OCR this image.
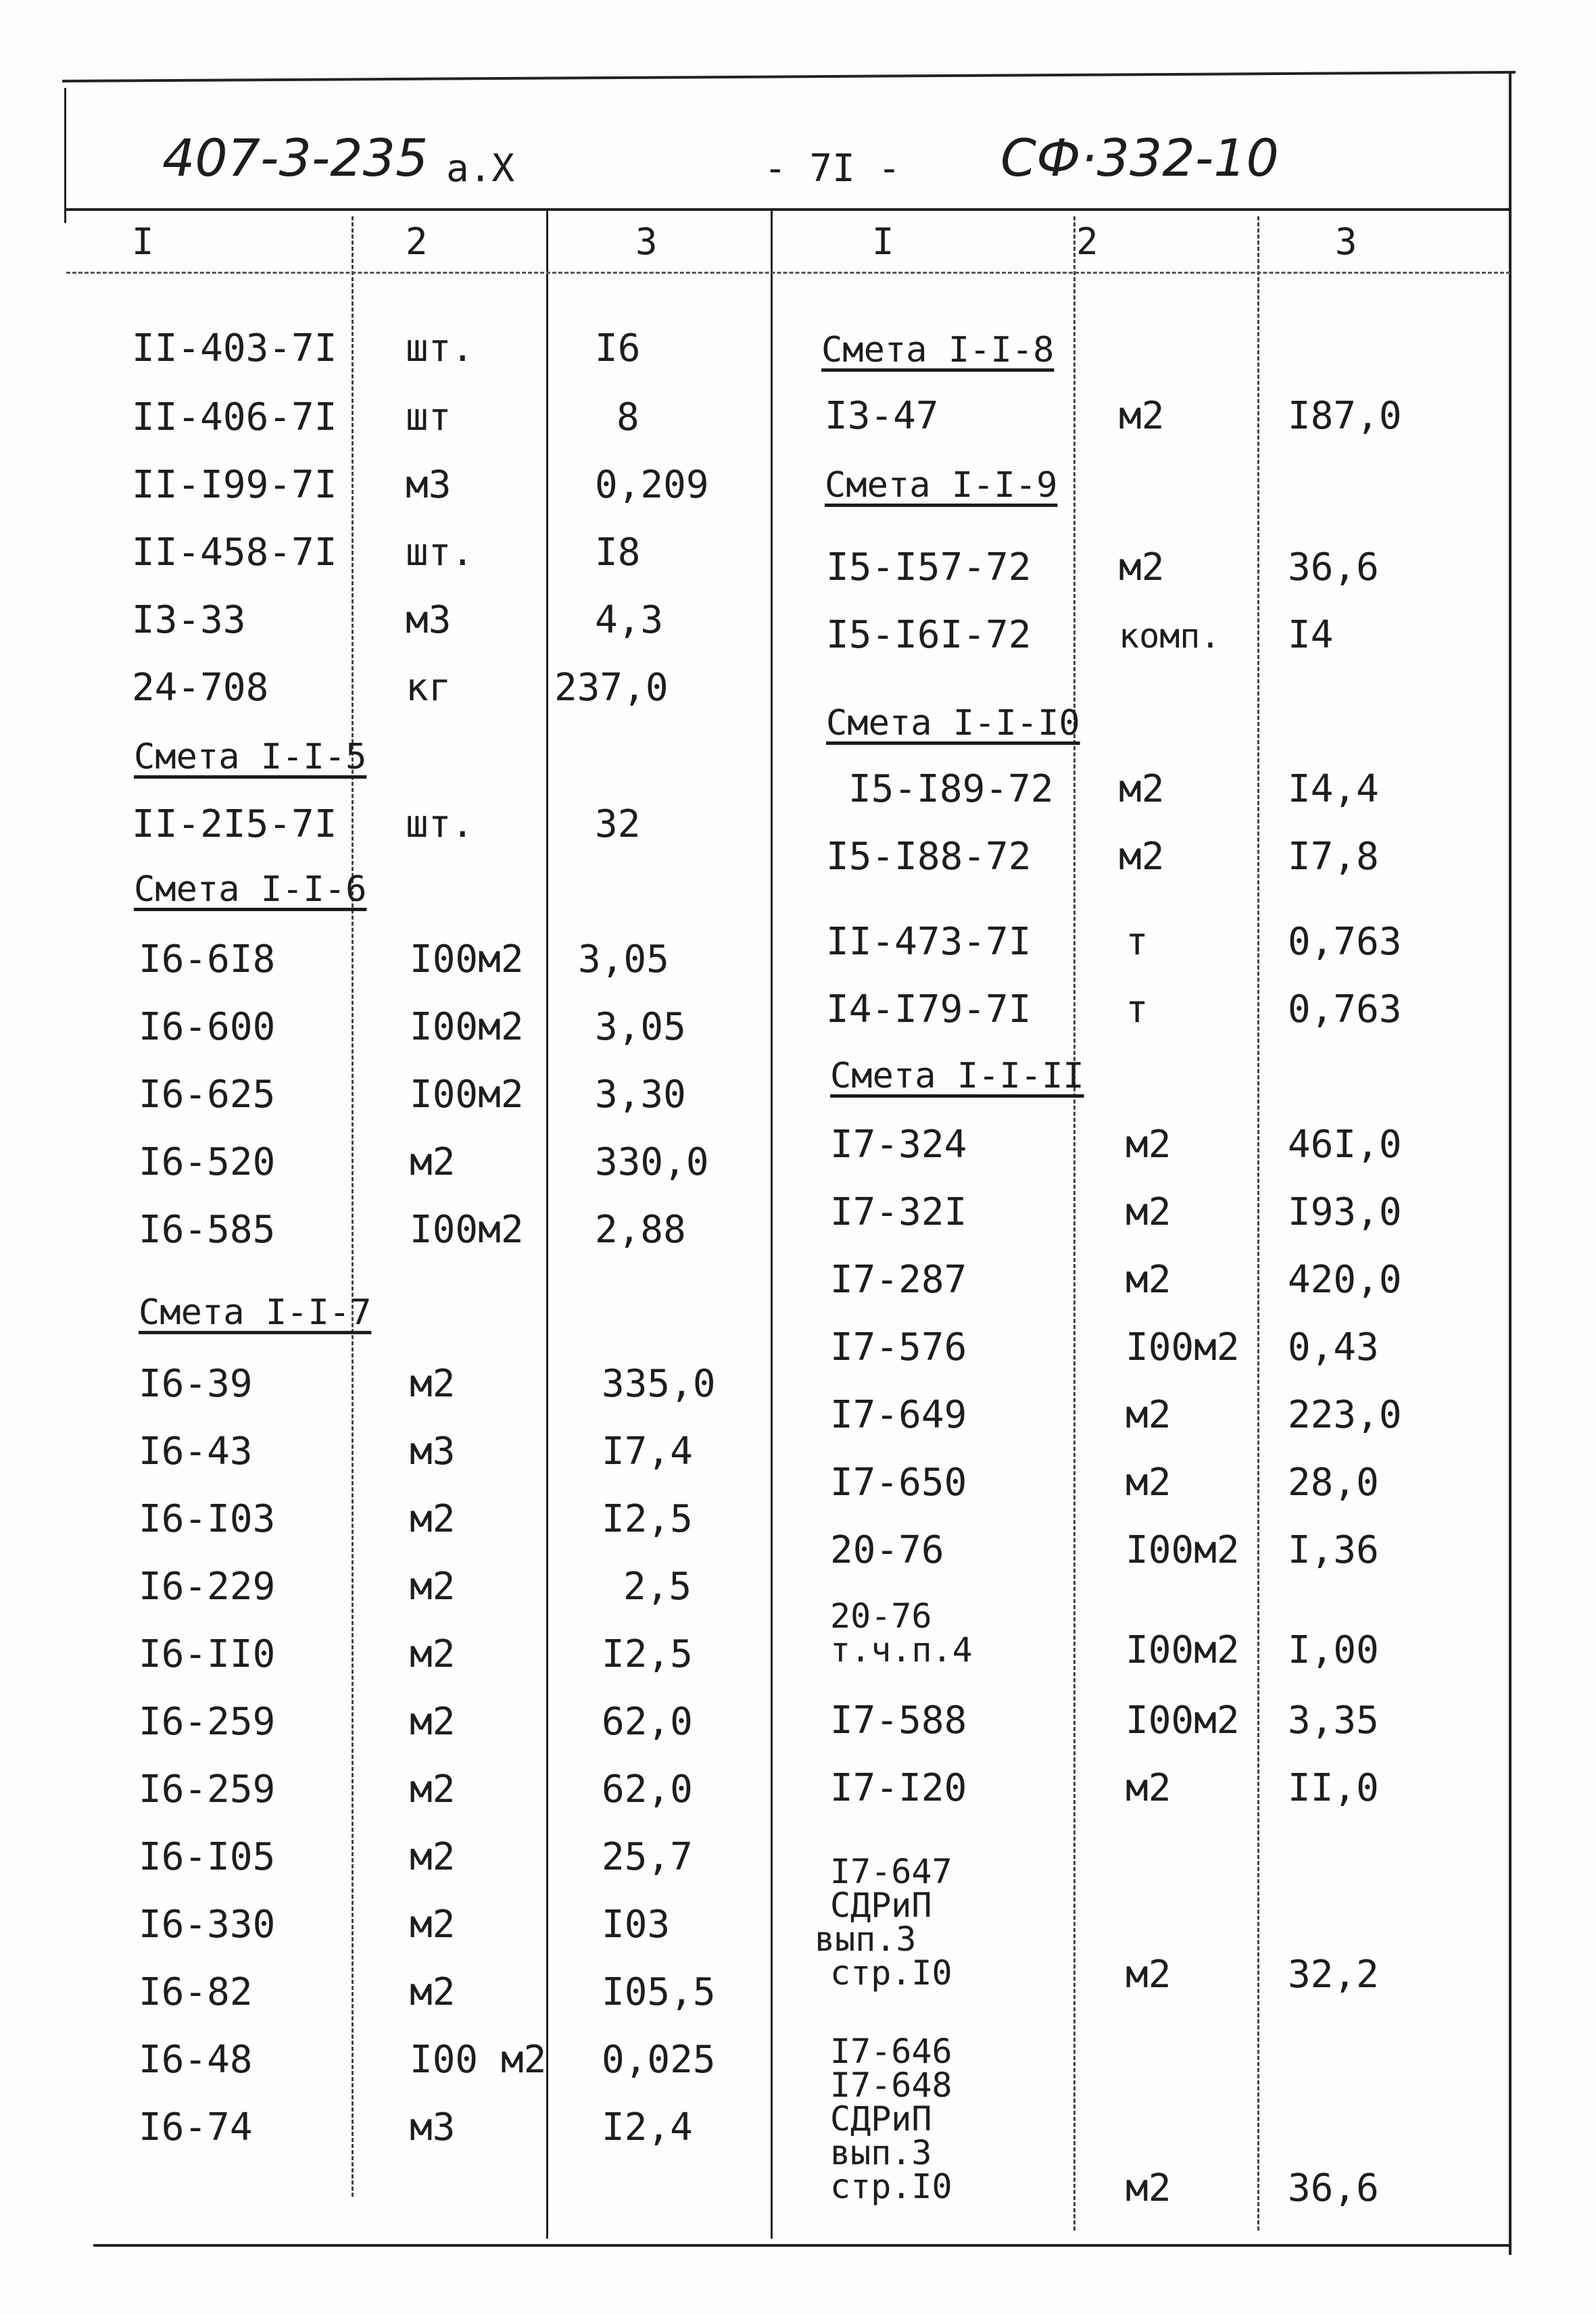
407-3-235 а.Х	- 7I - СФ·332-10
I	2	3	I	2	3
II-403-7I шт.	I6
II-406-7I шт	8
II-I99-7I м3	0,209
II-458-7I шт.	I8
I3-33	м3	4,3
24-708	кг	237,0
Смета I-I-5
II-2I5-7I шт.	32
Смета I-I-6
I6-6I8	I00м2 3,05
I6-600	I00м2 3,05
I6-625	I00м2 3,30
I6-520	м2	330,0
I6-585	I00м2 2,88
Смета I-I-7
I6-39	м2	335,0
I6-43	м3	I7,4
I6-I03	м2	I2,5
I6-229	м2	2,5
I6-II0	м2	I2,5
I6-259	м2	62,0
I6-259	м2	62,0
I6-I05	м2	25,7
I6-330	м2	I03
I6-82	м2	I05,5
I6-48	I00 м2 0,025
I6-74	м3	I2,4
Смета I-I-8
I3-47	м2	I87,0
Смета I-I-9
I5-I57-72 м2	36,6
I5-I6I-72	комп. I4
Смета I-I-I0
I5-I89-72 м2	I4,4
I5-I88-72 м2	I7,8
II-473-7I т	0,763
I4-I79-7I т	0,763
Смета I-I-II
I7-324	м2	46I,0
I7-32I	м2	I93,0
I7-287	м2	420,0
I7-576	I00м2 0,43
I7-649	м2	223,0
I7-650	м2	28,0
20-76	I00м2 I,36
20-76
т.ч.п.4	I00м2 I,00
I7-588	I00м2 3,35
I7-I20	м2	II,0
I7-647
СДРиП
вып.3
стр.I0	м2	32,2
I7-646
I7-648
СДРиП
вып.3
стр.I0	м2	36,6
